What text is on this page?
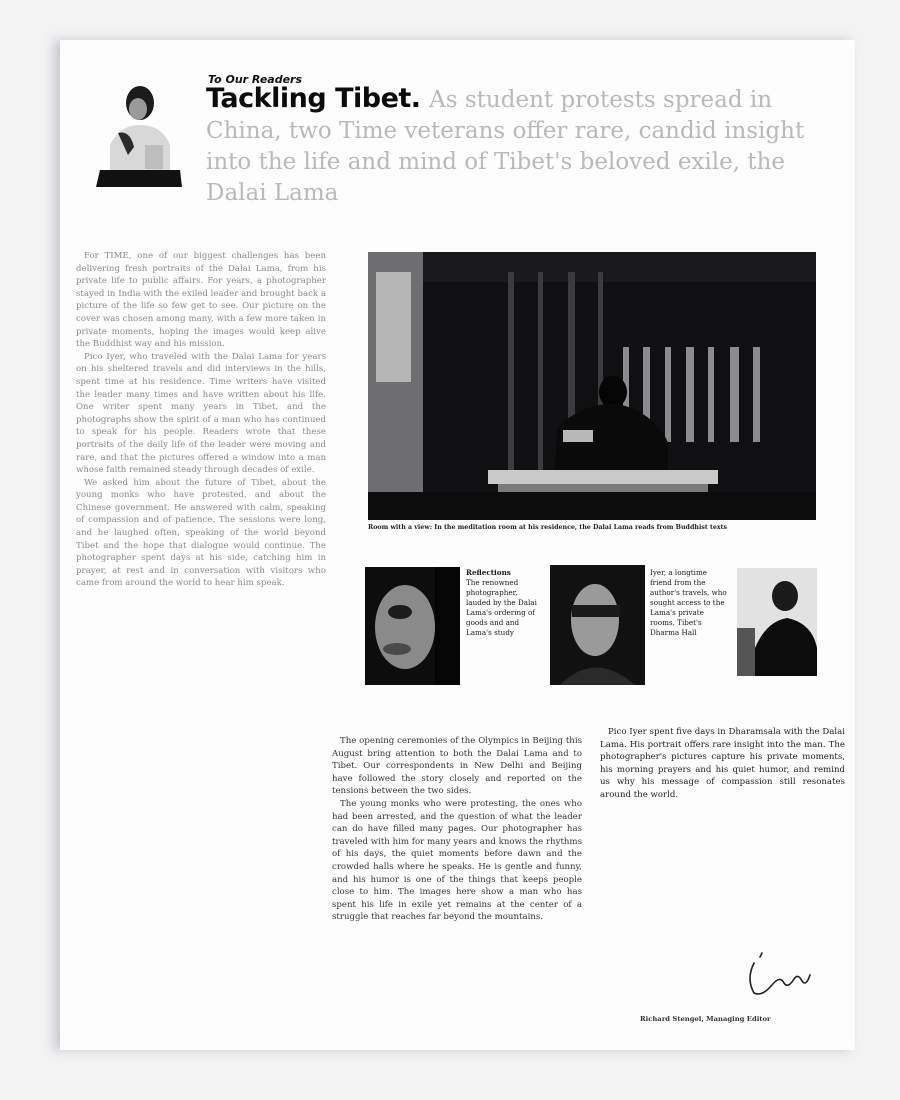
To Our Readers
Tackling Tibet. As student protests spread in China, two Time veterans offer rare, candid insight into the life and mind of Tibet's beloved exile, the Dalai Lama

For TIME, one of our biggest challenges has been delivering fresh portraits of the Dalai Lama, from his private life to public affairs. For years, a photographer stayed in India with the exiled leader and brought back a picture of the life so few get to see. Our picture on the cover was chosen among many, with a few more taken in private moments, hoping the images would keep alive the Buddhist way and his mission.

Pico Iyer, who traveled with the Dalai Lama for years on his sheltered travels and did interviews in the hills, spent time at his residence. Time writers have visited the leader many times and have written about his life. One writer spent many years in Tibet, and the photographs show the spirit of a man who has continued to speak for his people. Readers wrote that these portraits of the daily life of the leader were moving and rare, and that the pictures offered a window into a man whose faith remained steady through decades of exile.

We asked him about the future of Tibet, about the young monks who have protested, and about the Chinese government. He answered with calm, speaking of compassion and of patience. The sessions were long, and he laughed often, speaking of the world beyond Tibet and the hope that dialogue would continue. The photographer spent days at his side, catching him in prayer, at rest and in conversation with visitors who came from around the world to hear him speak.

Room with a view: In the meditation room at his residence, the Dalai Lama reads from Buddhist texts
Reflections
The renowned photographer, lauded by the Dalai Lama's ordering of goods and and Lama's study
Iyer, a longtime friend from the author's travels, who sought access to the Lama's private rooms, Tibet's Dharma Hall

The opening ceremonies of the Olympics in Beijing this August bring attention to both the Dalai Lama and to Tibet. Our correspondents in New Delhi and Beijing have followed the story closely and reported on the tensions between the two sides.

The young monks who were protesting, the ones who had been arrested, and the question of what the leader can do have filled many pages. Our photographer has traveled with him for many years and knows the rhythms of his days, the quiet moments before dawn and the crowded halls where he speaks. He is gentle and funny, and his humor is one of the things that keeps people close to him. The images here show a man who has spent his life in exile yet remains at the center of a struggle that reaches far beyond the mountains.

Pico Iyer spent five days in Dharamsala with the Dalai Lama. His portrait offers rare insight into the man. The photographer's pictures capture his private moments, his morning prayers and his quiet humor, and remind us why his message of compassion still resonates around the world.

Richard Stengel, Managing Editor
